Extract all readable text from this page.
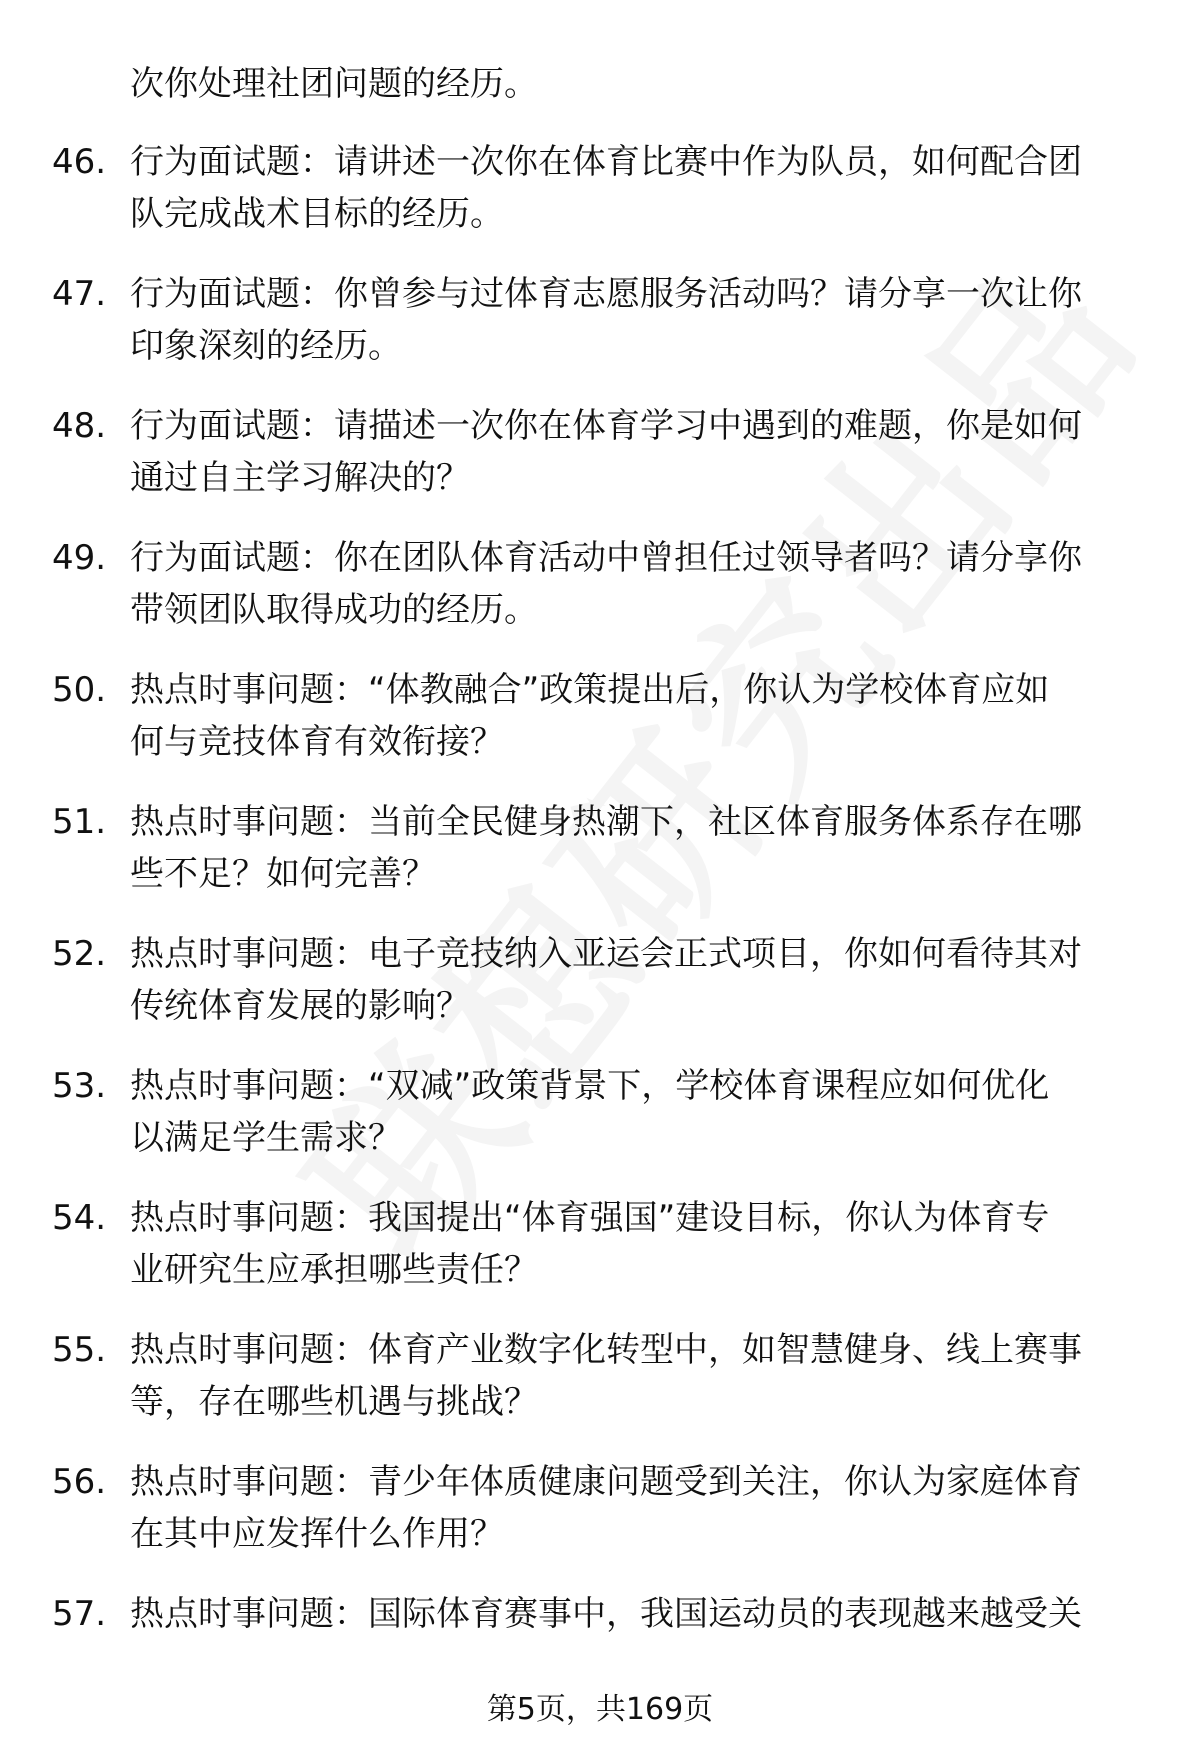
次你处理社团问题的经历。
46. 行为面试题：请讲述一次你在体育比赛中作为队员，如何配合团
队完成战术目标的经历。
47. 行为面试题：你曾参与过体育志愿服务活动吗？请分享一次让你
印象深刻的经历。
48. 行为面试题：请描述一次你在体育学习中遇到的难题，你是如何
通过自主学习解决的？
49. 行为面试题：你在团队体育活动中曾担任过领导者吗？请分享你
带领团队取得成功的经历。
50. 热点时事问题：“体教融合”政策提出后，你认为学校体育应如
何与竞技体育有效衔接？
51. 热点时事问题：当前全民健身热潮下，社区体育服务体系存在哪
些不足？如何完善？
52. 热点时事问题：电子竞技纳入亚运会正式项目，你如何看待其对
传统体育发展的影响？
53. 热点时事问题：“双减”政策背景下，学校体育课程应如何优化
以满足学生需求？
54. 热点时事问题：我国提出“体育强国”建设目标，你认为体育专
业研究生应承担哪些责任？
55. 热点时事问题：体育产业数字化转型中，如智慧健身、线上赛事
等，存在哪些机遇与挑战？
56. 热点时事问题：青少年体质健康问题受到关注，你认为家庭体育
在其中应发挥什么作用？
57. 热点时事问题：国际体育赛事中，我国运动员的表现越来越受关
第5页，共169页
